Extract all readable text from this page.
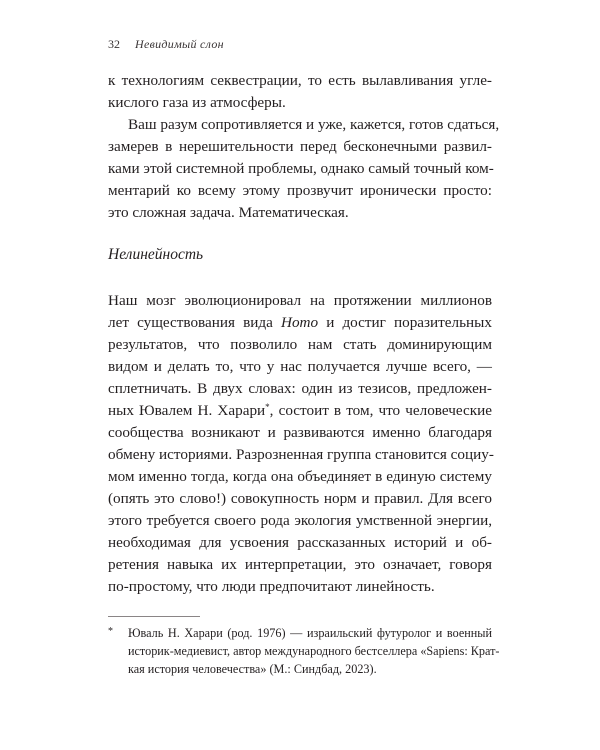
32 Невидимый слон
к технологиям секвестрации, то есть вылавливания угле-
кислого газа из атмосферы.
Ваш разум сопротивляется и уже, кажется, готов сдаться,
замерев в нерешительности перед бесконечными развил-
ками этой системной проблемы, однако самый точный ком-
ментарий ко всему этому прозвучит иронически просто:
это сложная задача. Математическая.
Нелинейность
Наш мозг эволюционировал на протяжении миллионов
лет существования вида Homo и достиг поразительных
результатов, что позволило нам стать доминирующим
видом и делать то, что у нас получается лучше всего, —
сплетничать. В двух словах: один из тезисов, предложен-
ных Ювалем Н. Харари*, состоит в том, что человеческие
сообщества возникают и развиваются именно благодаря
обмену историями. Разрозненная группа становится социу-
мом именно тогда, когда она объединяет в единую систему
(опять это слово!) совокупность норм и правил. Для всего
этого требуется своего рода экология умственной энергии,
необходимая для усвоения рассказанных историй и об-
ретения навыка их интерпретации, это означает, говоря
по-простому, что люди предпочитают линейность.
* Юваль Н. Харари (род. 1976) — израильский футуролог и военный
историк-медиевист, автор международного бестселлера «Sapiens: Крат-
кая история человечества» (М.: Синдбад, 2023).
